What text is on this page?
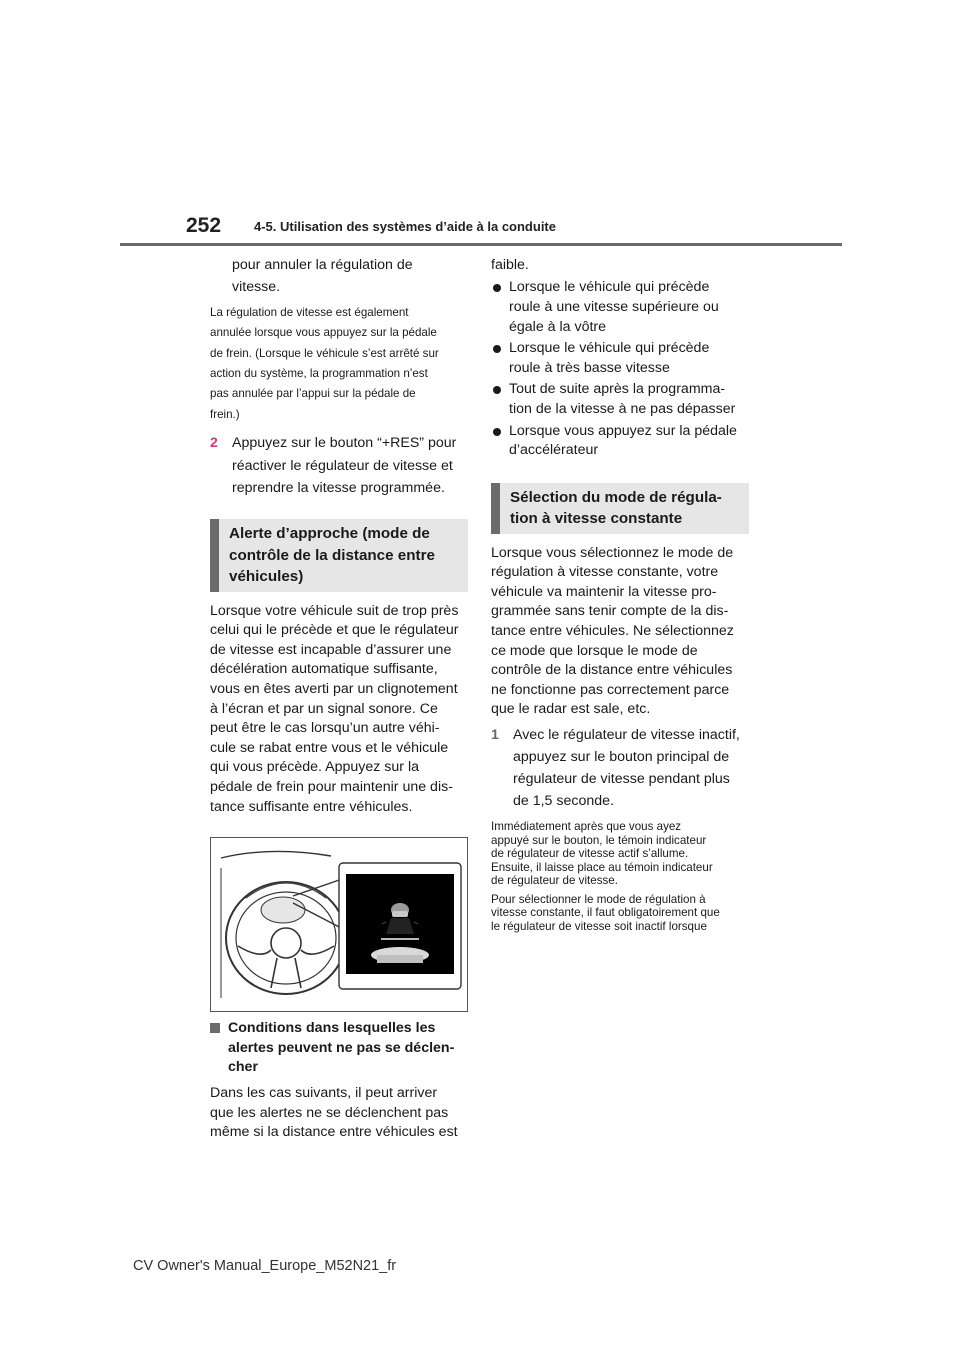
252	4-5. Utilisation des systèmes d’aide à la conduite

pour annuler la régulation de

vitesse.

La régulation de vitesse est également

annulée lorsque vous appuyez sur la pédale

de frein. (Lorsque le véhicule s’est arrêté sur

action du système, la programmation n’est

pas annulée par l’appui sur la pédale de

frein.)

2 Appuyez sur le bouton “+RES” pour

réactiver le régulateur de vitesse et

reprendre la vitesse programmée.

Alerte d’approche (mode de
contrôle de la distance entre
véhicules)

Lorsque votre véhicule suit de trop près

celui qui le précède et que le régulateur

de vitesse est incapable d’assurer une

décélération automatique suffisante,

vous en êtes averti par un clignotement

à l’écran et par un signal sonore. Ce

peut être le cas lorsqu’un autre véhi-

cule se rabat entre vous et le véhicule

qui vous précède. Appuyez sur la

pédale de frein pour maintenir une dis-

tance suffisante entre véhicules.

Conditions dans lesquelles les

alertes peuvent ne pas se déclen-

cher

Dans les cas suivants, il peut arriver

que les alertes ne se déclenchent pas

même si la distance entre véhicules est

faible.

Lorsque le véhicule qui précède

roule à une vitesse supérieure ou

égale à la vôtre

Lorsque le véhicule qui précède

roule à très basse vitesse

Tout de suite après la programma-

tion de la vitesse à ne pas dépasser

Lorsque vous appuyez sur la pédale

d’accélérateur

Sélection du mode de régula-
tion à vitesse constante

Lorsque vous sélectionnez le mode de

régulation à vitesse constante, votre

véhicule va maintenir la vitesse pro-

grammée sans tenir compte de la dis-

tance entre véhicules. Ne sélectionnez

ce mode que lorsque le mode de

contrôle de la distance entre véhicules

ne fonctionne pas correctement parce

que le radar est sale, etc.

1 Avec le régulateur de vitesse inactif,

appuyez sur le bouton principal de

régulateur de vitesse pendant plus

de 1,5 seconde.

Immédiatement après que vous ayez

appuyé sur le bouton, le témoin indicateur

de régulateur de vitesse actif s’allume.

Ensuite, il laisse place au témoin indicateur

de régulateur de vitesse.

Pour sélectionner le mode de régulation à

vitesse constante, il faut obligatoirement que

le régulateur de vitesse soit inactif lorsque

CV Owner's Manual_Europe_M52N21_fr
